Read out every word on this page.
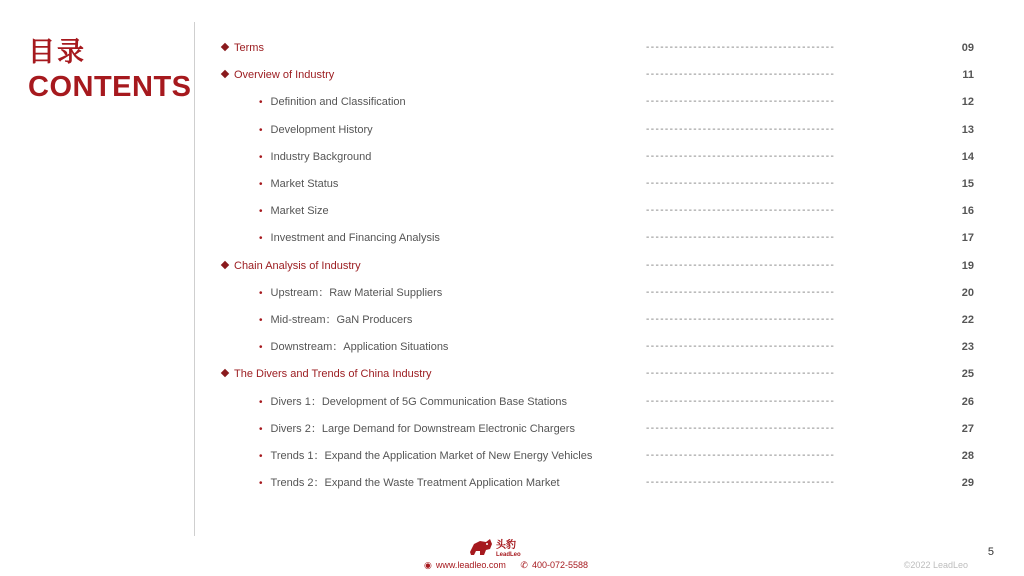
目录
CONTENTS
Terms	----------------------------------------	09
Overview of Industry	----------------------------------------	11
• Definition and Classification	----------------------------------------	12
• Development History	----------------------------------------	13
• Industry Background	----------------------------------------	14
• Market Status	----------------------------------------	15
• Market Size	----------------------------------------	16
• Investment and Financing Analysis	----------------------------------------	17
Chain Analysis of Industry	----------------------------------------	19
• Upstream：Raw Material Suppliers	----------------------------------------	20
• Mid-stream：GaN Producers	----------------------------------------	22
• Downstream：Application Situations	----------------------------------------	23
The Divers and Trends of China Industry	----------------------------------------	25
• Divers 1：Development of 5G Communication Base Stations	----------------------------------------	26
• Divers 2：Large Demand for Downstream Electronic Chargers	----------------------------------------	27
• Trends 1：Expand the Application Market of New Energy Vehicles	----------------------------------------	28
• Trends 2：Expand the Waste Treatment Application Market	----------------------------------------	29
头豹
LeadLeo
◉ www.leadleo.com ✆ 400-072-5588	©2022 LeadLeo
5
